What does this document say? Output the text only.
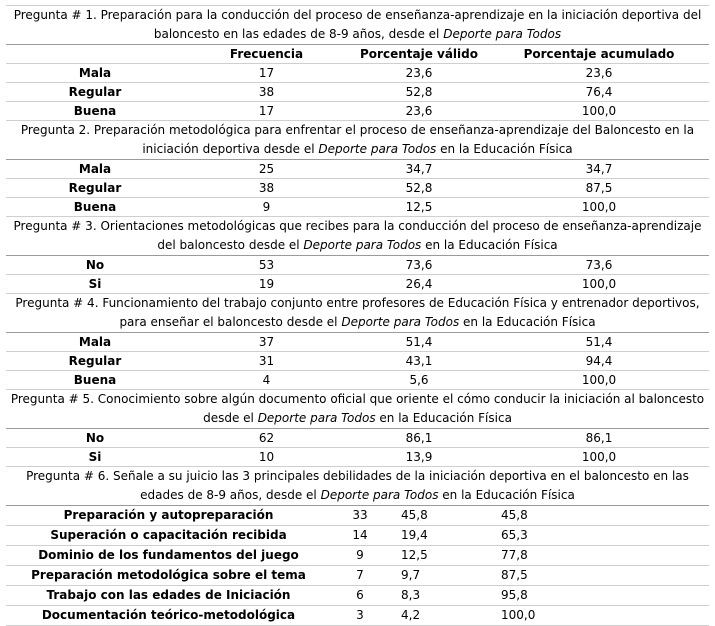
Pregunta # 1. Preparación para la conducción del proceso de enseñanza-aprendizaje en la iniciación deportiva del baloncesto en las edades de 8-9 años, desde el Deporte para Todos						
	Frecuencia		Porcentaje válido		Porcentaje acumulado	
Mala	17		23,6		23,6	
Regular	38		52,8		76,4	
Buena	17		23,6		100,0	
Pregunta 2. Preparación metodológica para enfrentar el proceso de enseñanza-aprendizaje del Baloncesto en la iniciación deportiva desde el Deporte para Todos en la Educación Física						
Mala	25		34,7		34,7	
Regular	38		52,8		87,5	
Buena	9		12,5		100,0	
Pregunta # 3. Orientaciones metodológicas que recibes para la conducción del proceso de enseñanza-aprendizaje del baloncesto desde el Deporte para Todos en la Educación Física						
No	53		73,6		73,6	
Si	19		26,4		100,0	
Pregunta # 4. Funcionamiento del trabajo conjunto entre profesores de Educación Física y entrenador deportivos, para enseñar el baloncesto desde el Deporte para Todos en la Educación Física						
Mala	37		51,4		51,4	
Regular	31		43,1		94,4	
Buena	4		5,6		100,0	
Pregunta # 5. Conocimiento sobre algún documento oficial que oriente el cómo conducir la iniciación al baloncesto desde el Deporte para Todos en la Educación Física						
No	62		86,1		86,1	
Si	10		13,9		100,0	
Pregunta # 6. Señale a su juicio las 3 principales debilidades de la iniciación deportiva en el baloncesto en las edades de 8-9 años, desde el Deporte para Todos en la Educación Física						
Preparación y autopreparación		33		45,8	45,8	
Superación o capacitación recibida		14		19,4	65,3	
Dominio de los fundamentos del juego		9		12,5	77,8	
Preparación metodológica sobre el tema		7		9,7	87,5	
Trabajo con las edades de Iniciación		6		8,3	95,8	
Documentación teórico-metodológica		3		4,2	100,0	
